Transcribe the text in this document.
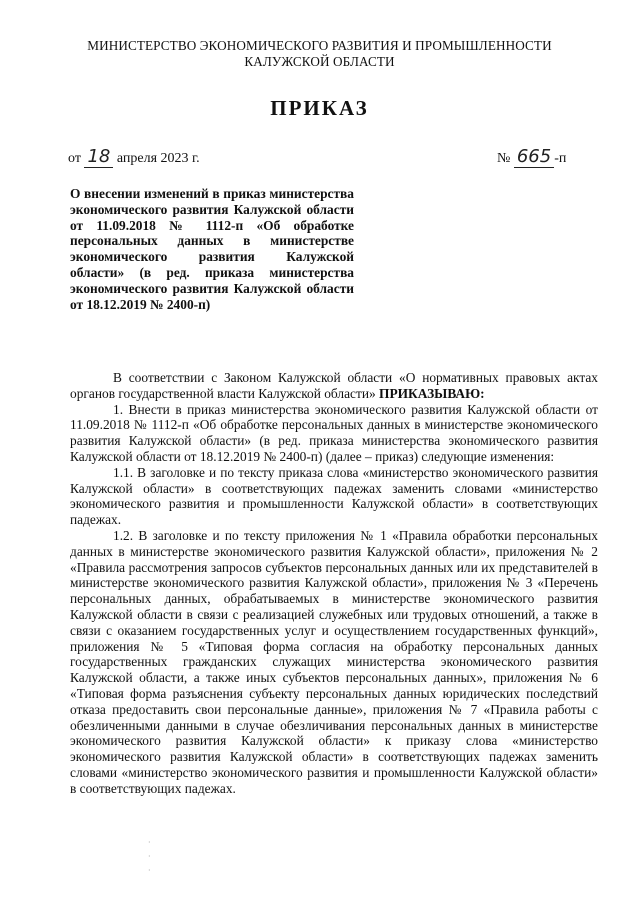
МИНИСТЕРСТВО ЭКОНОМИЧЕСКОГО РАЗВИТИЯ И ПРОМЫШЛЕННОСТИ
КАЛУЖСКОЙ ОБЛАСТИ
ПРИКАЗ
от 18 апреля 2023 г.	№ 665 -п

О внесении изменений в приказ министерства экономического развития Калужской области от 11.09.2018 № 1112-п «Об обработке персональных данных в министерстве экономического развития Калужской области» (в ред. приказа министерства экономического развития Калужской области от 18.12.2019 № 2400-п)

В соответствии с Законом Калужской области «О нормативных правовых актах органов государственной власти Калужской области» ПРИКАЗЫВАЮ:

1. Внести в приказ министерства экономического развития Калужской области от 11.09.2018 № 1112-п «Об обработке персональных данных в министерстве экономического развития Калужской области» (в ред. приказа министерства экономического развития Калужской области от 18.12.2019 № 2400-п) (далее – приказ) следующие изменения:

1.1. В заголовке и по тексту приказа слова «министерство экономического развития Калужской области» в соответствующих падежах заменить словами «министерство экономического развития и промышленности Калужской области» в соответствующих падежах.

1.2. В заголовке и по тексту приложения № 1 «Правила обработки персональных данных в министерстве экономического развития Калужской области», приложения № 2 «Правила рассмотрения запросов субъектов персональных данных или их представителей в министерстве экономического развития Калужской области», приложения № 3 «Перечень персональных данных, обрабатываемых в министерстве экономического развития Калужской области в связи с реализацией служебных или трудовых отношений, а также в связи с оказанием государственных услуг и осуществлением государственных функций», приложения № 5 «Типовая форма согласия на обработку персональных данных государственных гражданских служащих министерства экономического развития Калужской области, а также иных субъектов персональных данных», приложения № 6 «Типовая форма разъяснения субъекту персональных данных юридических последствий отказа предоставить свои персональные данные», приложения № 7 «Правила работы с обезличенными данными в случае обезличивания персональных данных в министерстве экономического развития Калужской области» к приказу слова «министерство экономического развития Калужской области» в соответствующих падежах заменить словами «министерство экономического развития и промышленности Калужской области» в соответствующих падежах.

·
·
·
